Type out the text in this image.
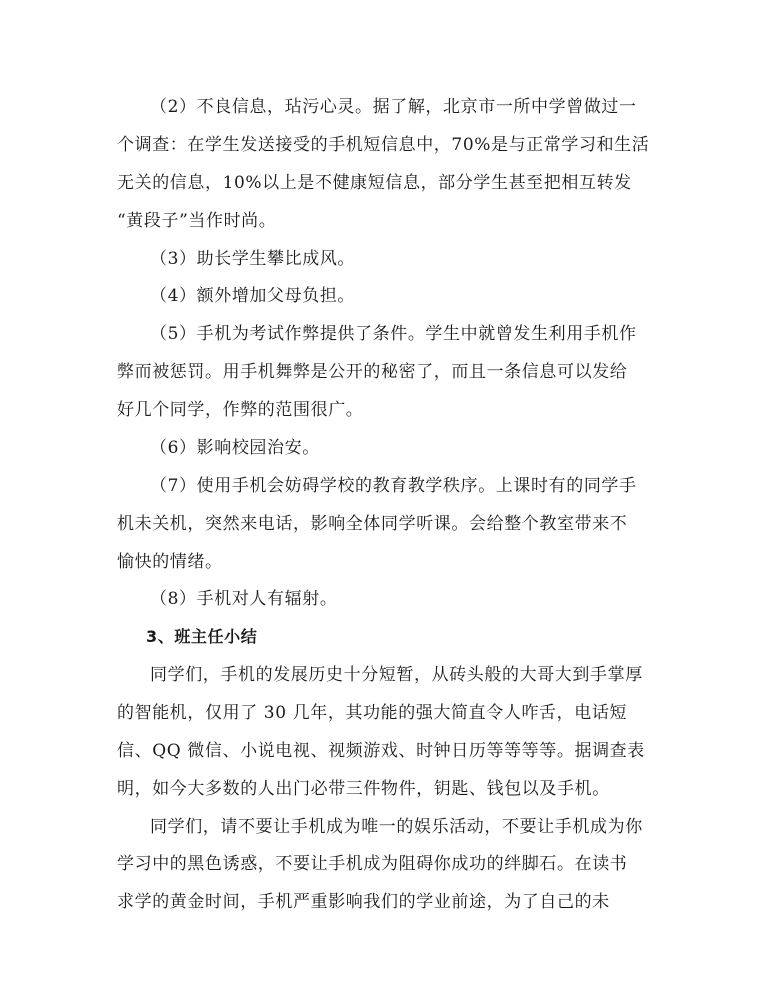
（2）不良信息，玷污心灵。据了解，北京市一所中学曾做过一
个调查：在学生发送接受的手机短信息中，70%是与正常学习和生活
无关的信息，10%以上是不健康短信息，部分学生甚至把相互转发
“黄段子”当作时尚。
（3）助长学生攀比成风。
（4）额外增加父母负担。
（5）手机为考试作弊提供了条件。学生中就曾发生利用手机作
弊而被惩罚。用手机舞弊是公开的秘密了，而且一条信息可以发给
好几个同学，作弊的范围很广。
（6）影响校园治安。
（7）使用手机会妨碍学校的教育教学秩序。上课时有的同学手
机未关机，突然来电话，影响全体同学听课。会给整个教室带来不
愉快的情绪。
（8）手机对人有辐射。
3、班主任小结
同学们，手机的发展历史十分短暂，从砖头般的大哥大到手掌厚
的智能机，仅用了 30 几年，其功能的强大简直令人咋舌，电话短
信、QQ 微信、小说电视、视频游戏、时钟日历等等等等。据调查表
明，如今大多数的人出门必带三件物件，钥匙、钱包以及手机。
同学们，请不要让手机成为唯一的娱乐活动，不要让手机成为你
学习中的黑色诱惑，不要让手机成为阻碍你成功的绊脚石。在读书
求学的黄金时间，手机严重影响我们的学业前途，为了自己的未
